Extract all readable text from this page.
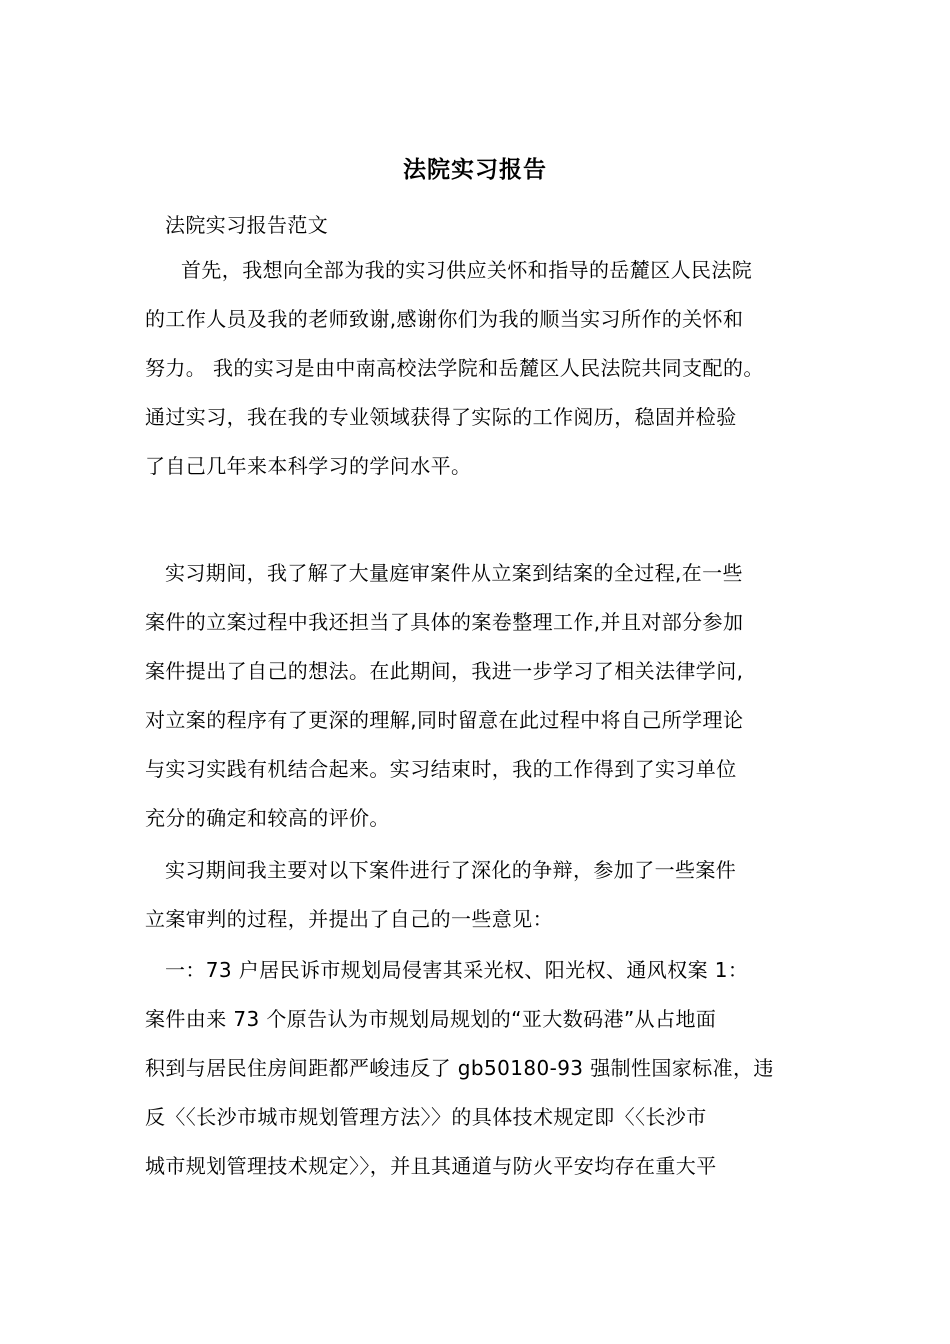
法院实习报告
法院实习报告范文
首先，我想向全部为我的实习供应关怀和指导的岳麓区人民法院
的工作人员及我的老师致谢,感谢你们为我的顺当实习所作的关怀和
努力。 我的实习是由中南高校法学院和岳麓区人民法院共同支配的。
通过实习，我在我的专业领域获得了实际的工作阅历，稳固并检验
了自己几年来本科学习的学问水平。
实习期间，我了解了大量庭审案件从立案到结案的全过程,在一些
案件的立案过程中我还担当了具体的案卷整理工作,并且对部分参加
案件提出了自己的想法。在此期间，我进一步学习了相关法律学问,
对立案的程序有了更深的理解,同时留意在此过程中将自己所学理论
与实习实践有机结合起来。实习结束时，我的工作得到了实习单位
充分的确定和较高的评价。
实习期间我主要对以下案件进行了深化的争辩，参加了一些案件
立案审判的过程，并提出了自己的一些意见：
一：73 户居民诉市规划局侵害其采光权、阳光权、通风权案 1：
案件由来 73 个原告认为市规划局规划的“亚大数码港”从占地面
积到与居民住房间距都严峻违反了 gb50180-93 强制性国家标准，违
反〈〈长沙市城市规划管理方法〉〉的具体技术规定即〈〈长沙市
城市规划管理技术规定〉〉，并且其通道与防火平安均存在重大平
